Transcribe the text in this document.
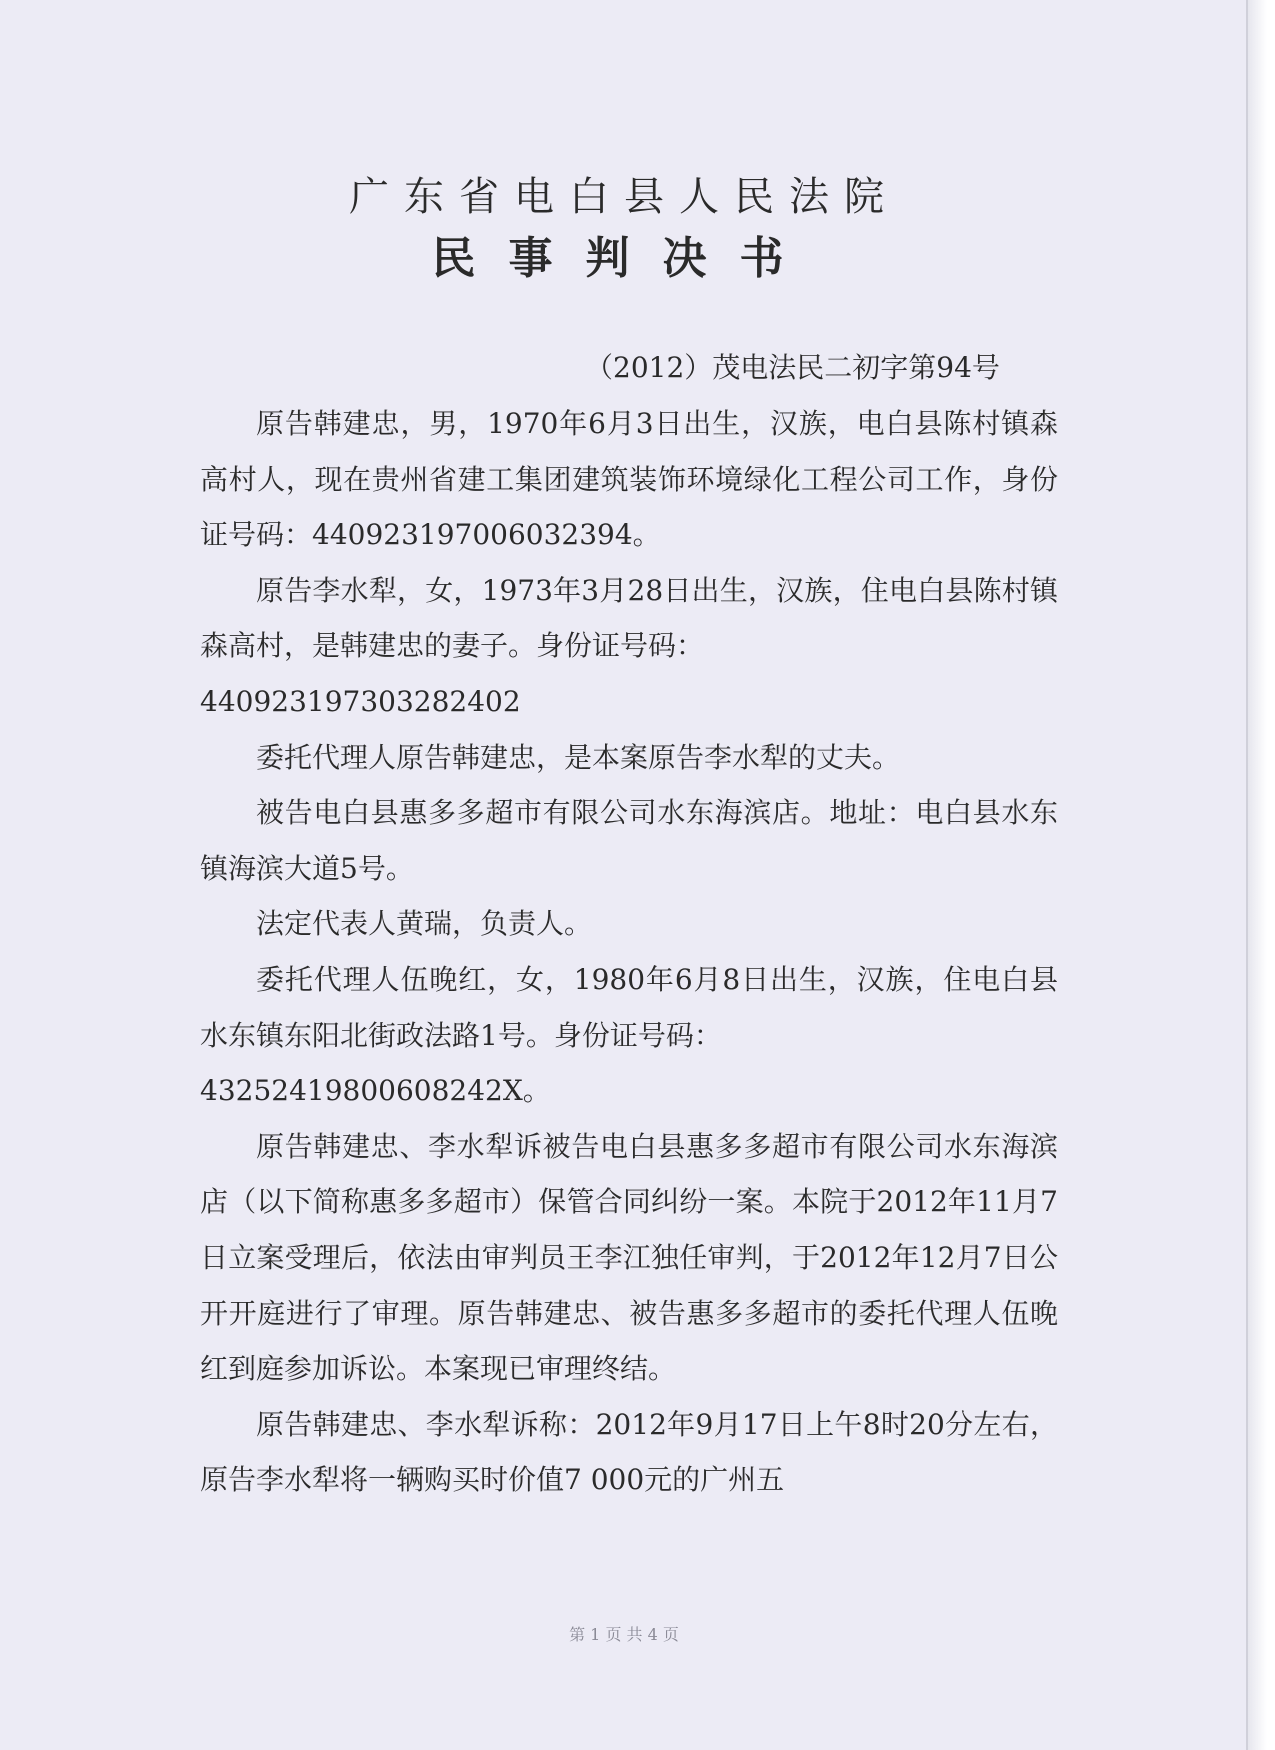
广东省电白县人民法院
民事判决书
（2012）茂电法民二初字第94号

原告韩建忠，男，1970年6月3日出生，汉族，电白县陈村镇森高村人，现在贵州省建工集团建筑装饰环境绿化工程公司工作，身份证号码：440923197006032394。

原告李水犁，女，1973年3月28日出生，汉族，住电白县陈村镇森高村，是韩建忠的妻子。身份证号码：

440923197303282402

委托代理人原告韩建忠，是本案原告李水犁的丈夫。

被告电白县惠多多超市有限公司水东海滨店。地址：电白县水东镇海滨大道5号。

法定代表人黄瑞，负责人。

委托代理人伍晚红，女，1980年6月8日出生，汉族，住电白县水东镇东阳北街政法路1号。身份证号码：

43252419800608242X。

原告韩建忠、李水犁诉被告电白县惠多多超市有限公司水东海滨店（以下简称惠多多超市）保管合同纠纷一案。本院于2012年11月7日立案受理后，依法由审判员王李江独任审判，于2012年12月7日公开开庭进行了审理。原告韩建忠、被告惠多多超市的委托代理人伍晚红到庭参加诉讼。本案现已审理终结。

原告韩建忠、李水犁诉称：2012年9月17日上午8时20分左右，原告李水犁将一辆购买时价值7 000元的广州五

第 1 页 共 4 页
